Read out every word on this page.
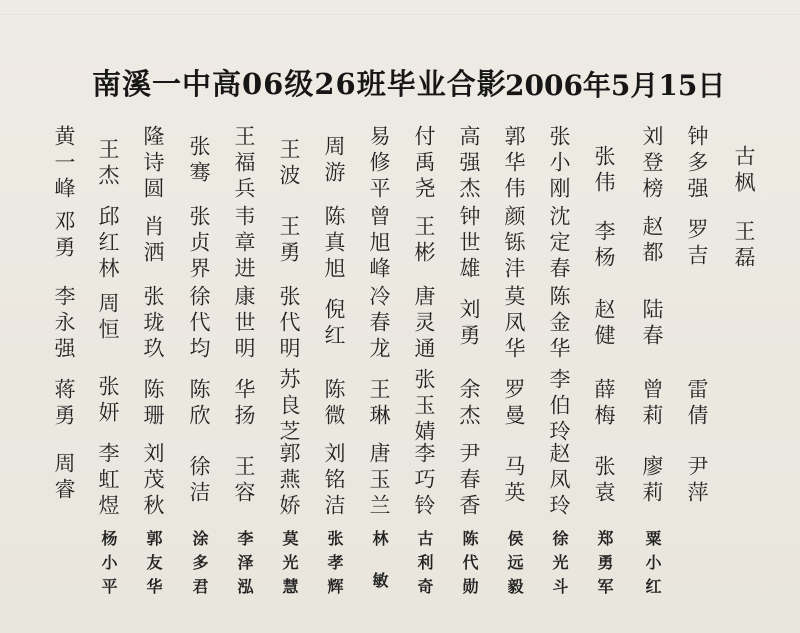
南溪一中高06级26班毕业合影
2006年5月15日
黄一峰
邓勇
李永强
蒋勇
周睿
王杰
邱红林
周恒
张妍
李虹煜
杨小平
隆诗圆
肖洒
张珑玖
陈珊
刘茂秋
郭友华
张骞
张贞界
徐代均
陈欣
徐洁
涂多君
王福兵
韦章进
康世明
华扬
王容
李泽泓
王波
王勇
张代明
苏良芝
郭燕娇
莫光慧
周游
陈真旭
倪红
陈微
刘铭洁
张孝辉
易修平
曾旭峰
冷春龙
王琳
唐玉兰
林敏
付禹尧
王彬
唐灵通
张玉婧
李巧铃
古利奇
高强杰
钟世雄
刘勇
余杰
尹春香
陈代勋
郭华伟
颜铄沣
莫凤华
罗曼
马英
侯远毅
张小刚
沈定春
陈金华
李伯玲
赵凤玲
徐光斗
张伟
李杨
赵健
薛梅
张袁
郑勇军
刘登榜
赵都
陆春
曾莉
廖莉
粟小红
钟多强
罗吉
雷倩
尹萍
古枫
王磊
